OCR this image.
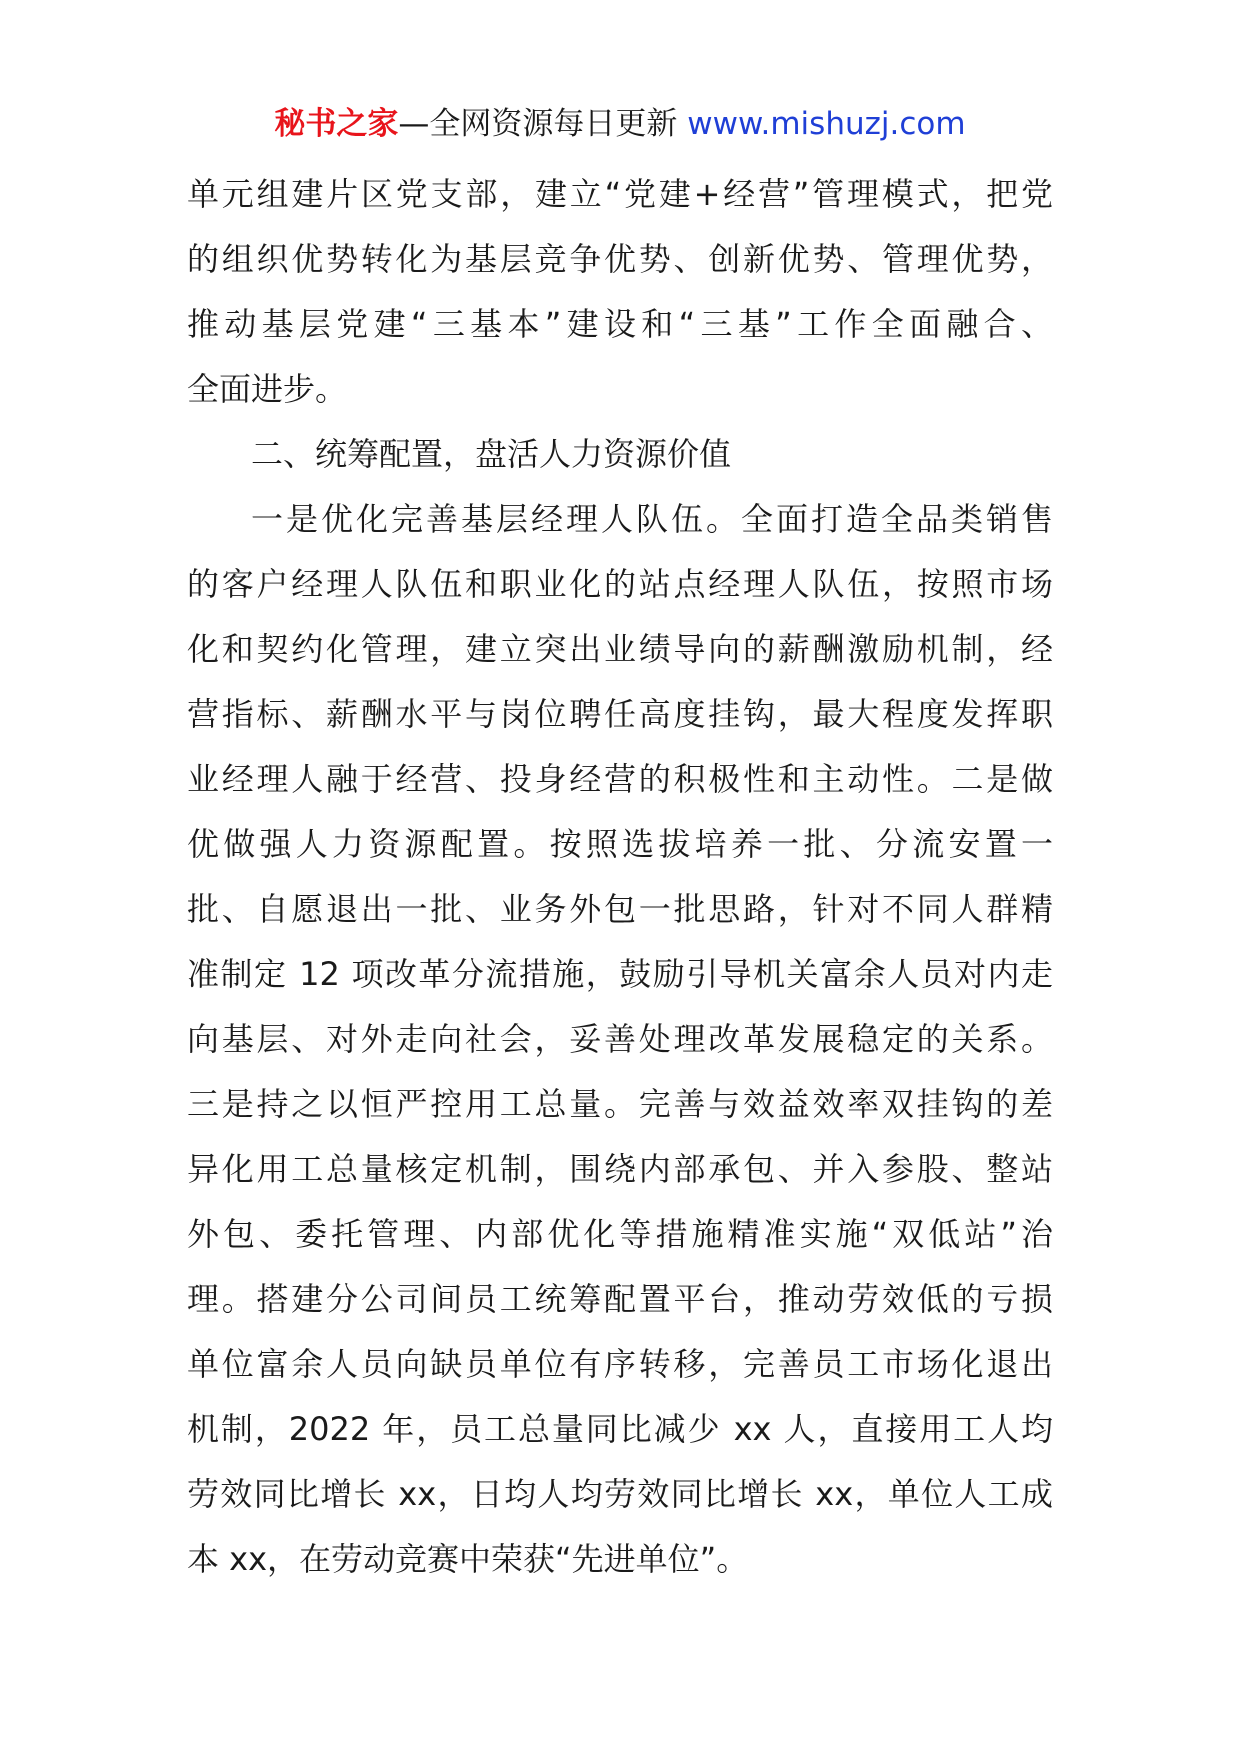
秘书之家—全网资源每日更新 www.mishuzj.com
单元组建片区党支部，建立“党建+经营”管理模式，把党
的组织优势转化为基层竞争优势、创新优势、管理优势，
推动基层党建“三基本”建设和“三基”工作全面融合、
全面进步。
二、统筹配置，盘活人力资源价值
一是优化完善基层经理人队伍。全面打造全品类销售
的客户经理人队伍和职业化的站点经理人队伍，按照市场
化和契约化管理，建立突出业绩导向的薪酬激励机制，经
营指标、薪酬水平与岗位聘任高度挂钩，最大程度发挥职
业经理人融于经营、投身经营的积极性和主动性。二是做
优做强人力资源配置。按照选拔培养一批、分流安置一
批、自愿退出一批、业务外包一批思路，针对不同人群精
准制定 12 项改革分流措施，鼓励引导机关富余人员对内走
向基层、对外走向社会，妥善处理改革发展稳定的关系。
三是持之以恒严控用工总量。完善与效益效率双挂钩的差
异化用工总量核定机制，围绕内部承包、并入参股、整站
外包、委托管理、内部优化等措施精准实施“双低站”治
理。搭建分公司间员工统筹配置平台，推动劳效低的亏损
单位富余人员向缺员单位有序转移，完善员工市场化退出
机制，2022 年，员工总量同比减少 xx 人，直接用工人均
劳效同比增长 xx，日均人均劳效同比增长 xx，单位人工成
本 xx，在劳动竞赛中荣获“先进单位”。
